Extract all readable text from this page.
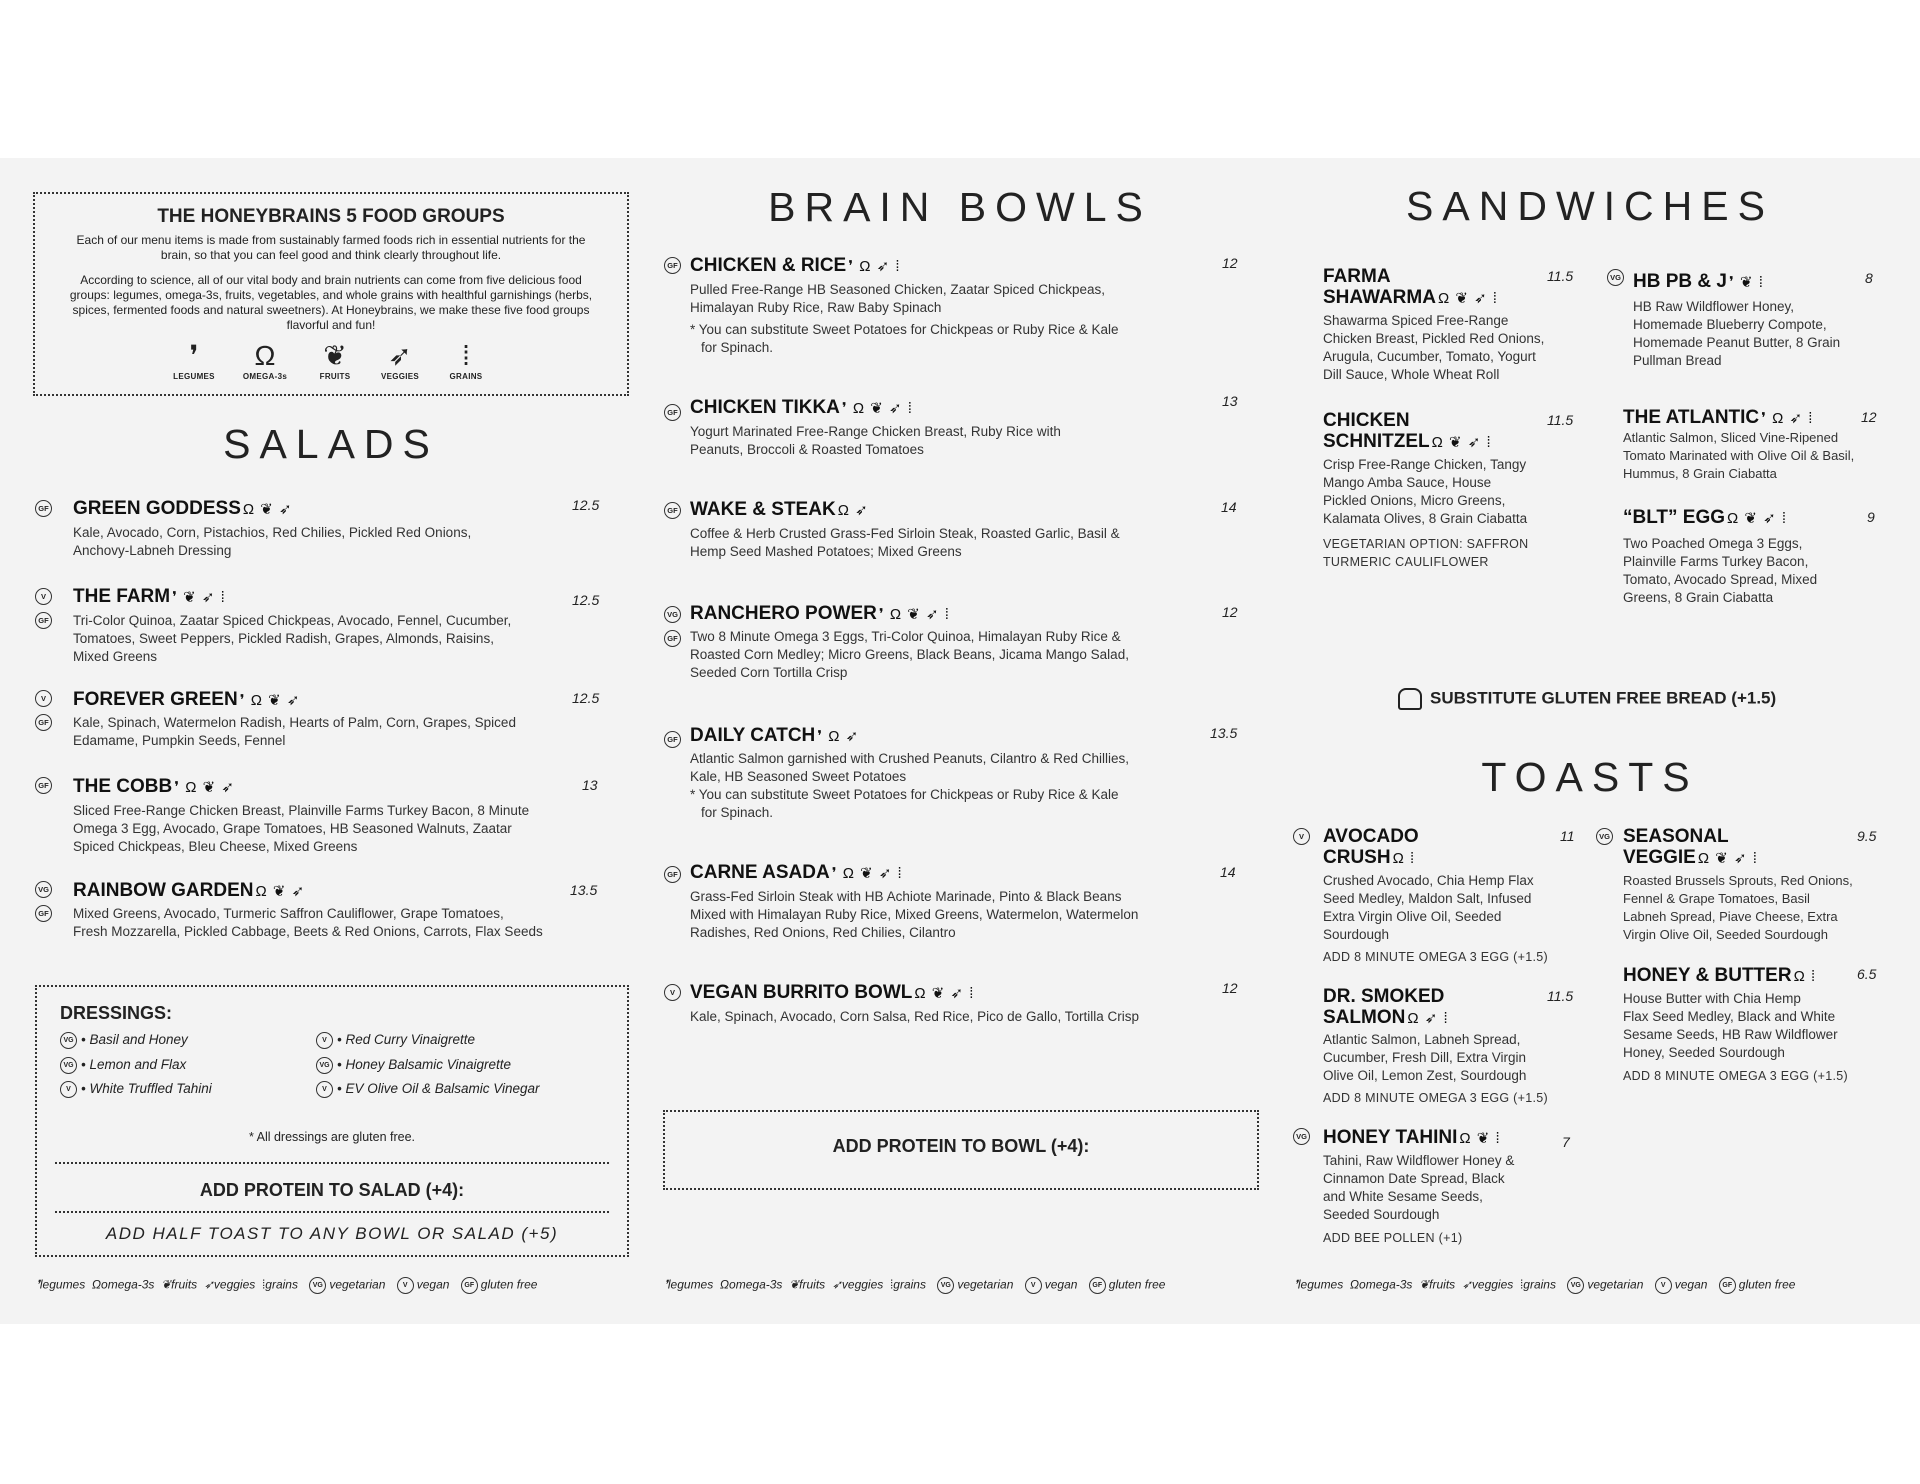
THE HONEYBRAINS 5 FOOD GROUPS
Each of our menu items is made from sustainably farmed foods rich in essential nutrients for the brain, so that you can feel good and think clearly throughout life.
According to science, all of our vital body and brain nutrients can come from five delicious food groups: legumes, omega-3s, fruits, vegetables, and whole grains with healthful garnishings (herbs, spices, fermented foods and natural sweetners). At Honeybrains, we make these five food groups flavorful and fun!
❜
LEGUMES
Ω
OMEGA-3s
❦
FRUITS
➶
VEGGIES
⁞
GRAINS
SALADS
GF GREEN GODDESS Ω ❦ ➶	12.5
Kale, Avocado, Corn, Pistachios, Red Chilies, Pickled Red Onions,
Anchovy-Labneh Dressing
V
GF
THE FARM ❜ ❦ ➶ ⁞	12.5
Tri-Color Quinoa, Zaatar Spiced Chickpeas, Avocado, Fennel, Cucumber,
Tomatoes, Sweet Peppers, Pickled Radish, Grapes, Almonds, Raisins,
Mixed Greens
V
GF
FOREVER GREEN ❜ Ω ❦ ➶	12.5
Kale, Spinach, Watermelon Radish, Hearts of Palm, Corn, Grapes, Spiced
Edamame, Pumpkin Seeds, Fennel
GF THE COBB ❜ Ω ❦ ➶	13
Sliced Free-Range Chicken Breast, Plainville Farms Turkey Bacon, 8 Minute
Omega 3 Egg, Avocado, Grape Tomatoes, HB Seasoned Walnuts, Zaatar
Spiced Chickpeas, Bleu Cheese, Mixed Greens
VG
GF
RAINBOW GARDEN Ω ❦ ➶	13.5
Mixed Greens, Avocado, Turmeric Saffron Cauliflower, Grape Tomatoes,
Fresh Mozzarella, Pickled Cabbage, Beets & Red Onions, Carrots, Flax Seeds
DRESSINGS:
VG • Basil and Honey
VG • Lemon and Flax
V • White Truffled Tahini
V • Red Curry Vinaigrette
VG • Honey Balsamic Vinaigrette
V • EV Olive Oil & Balsamic Vinegar
* All dressings are gluten free.
ADD PROTEIN TO SALAD (+4):
ADD HALF TOAST TO ANY BOWL OR SALAD (+5)
BRAIN BOWLS
GF CHICKEN & RICE ❜ Ω ➶ ⁞	12
Pulled Free-Range HB Seasoned Chicken, Zaatar Spiced Chickpeas,
Himalayan Ruby Rice, Raw Baby Spinach
* You can substitute Sweet Potatoes for Chickpeas or Ruby Rice & Kale
for Spinach.
GF CHICKEN TIKKA ❜ Ω ❦ ➶ ⁞	13
Yogurt Marinated Free-Range Chicken Breast, Ruby Rice with
Peanuts, Broccoli & Roasted Tomatoes
GF WAKE & STEAK Ω ➶	14
Coffee & Herb Crusted Grass-Fed Sirloin Steak, Roasted Garlic, Basil &
Hemp Seed Mashed Potatoes; Mixed Greens
VG
GF
RANCHERO POWER ❜ Ω ❦ ➶ ⁞	12
Two 8 Minute Omega 3 Eggs, Tri-Color Quinoa, Himalayan Ruby Rice &
Roasted Corn Medley; Micro Greens, Black Beans, Jicama Mango Salad,
Seeded Corn Tortilla Crisp
GF DAILY CATCH ❜ Ω ➶	13.5
Atlantic Salmon garnished with Crushed Peanuts, Cilantro & Red Chillies,
Kale, HB Seasoned Sweet Potatoes
* You can substitute Sweet Potatoes for Chickpeas or Ruby Rice & Kale
for Spinach.
GF CARNE ASADA ❜ Ω ❦ ➶ ⁞	14
Grass-Fed Sirloin Steak with HB Achiote Marinade, Pinto & Black Beans
Mixed with Himalayan Ruby Rice, Mixed Greens, Watermelon, Watermelon
Radishes, Red Onions, Red Chilies, Cilantro
V VEGAN BURRITO BOWL Ω ❦ ➶ ⁞	12
Kale, Spinach, Avocado, Corn Salsa, Red Rice, Pico de Gallo, Tortilla Crisp
ADD PROTEIN TO BOWL (+4):
SANDWICHES
FARMA
SHAWARMA Ω ❦ ➶ ⁞
11.5
Shawarma Spiced Free-Range
Chicken Breast, Pickled Red Onions,
Arugula, Cucumber, Tomato, Yogurt
Dill Sauce, Whole Wheat Roll
CHICKEN
SCHNITZEL Ω ❦ ➶ ⁞
11.5
Crisp Free-Range Chicken, Tangy
Mango Amba Sauce, House
Pickled Onions, Micro Greens,
Kalamata Olives, 8 Grain Ciabatta
VEGETARIAN OPTION: SAFFRON
TURMERIC CAULIFLOWER
VG HB PB & J ❜ ❦ ⁞	8
HB Raw Wildflower Honey,
Homemade Blueberry Compote,
Homemade Peanut Butter, 8 Grain
Pullman Bread
THE ATLANTIC ❜ Ω ➶ ⁞	12
Atlantic Salmon, Sliced Vine-Ripened
Tomato Marinated with Olive Oil & Basil,
Hummus, 8 Grain Ciabatta
“BLT” EGG Ω ❦ ➶ ⁞	9
Two Poached Omega 3 Eggs,
Plainville Farms Turkey Bacon,
Tomato, Avocado Spread, Mixed
Greens, 8 Grain Ciabatta
SUBSTITUTE GLUTEN FREE BREAD (+1.5)
TOASTS
V	AVOCADO
CRUSH Ω ⁞
11
Crushed Avocado, Chia Hemp Flax
Seed Medley, Maldon Salt, Infused
Extra Virgin Olive Oil, Seeded
Sourdough
ADD 8 MINUTE OMEGA 3 EGG (+1.5)
DR. SMOKED
SALMON Ω ➶ ⁞
11.5
Atlantic Salmon, Labneh Spread,
Cucumber, Fresh Dill, Extra Virgin
Olive Oil, Lemon Zest, Sourdough
ADD 8 MINUTE OMEGA 3 EGG (+1.5)
VG HONEY TAHINI Ω ❦ ⁞	7
Tahini, Raw Wildflower Honey &
Cinnamon Date Spread, Black
and White Sesame Seeds,
Seeded Sourdough
ADD BEE POLLEN (+1)
VG SEASONAL
VEGGIE Ω ❦ ➶ ⁞
9.5
Roasted Brussels Sprouts, Red Onions,
Fennel & Grape Tomatoes, Basil
Labneh Spread, Piave Cheese, Extra
Virgin Olive Oil, Seeded Sourdough
HONEY & BUTTER Ω ⁞	6.5
House Butter with Chia Hemp
Flax Seed Medley, Black and White
Sesame Seeds, HB Raw Wildflower
Honey, Seeded Sourdough
ADD 8 MINUTE OMEGA 3 EGG (+1.5)
❜legumes Ωomega-3s ❦fruits ➶veggies ⁞grains VG vegetarian	V vegan GF gluten free	❜legumes Ωomega-3s ❦fruits ➶veggies ⁞grains VG vegetarian	V vegan GF gluten free	❜legumes Ωomega-3s ❦fruits ➶veggies ⁞grains VG vegetarian	V vegan GF gluten free
